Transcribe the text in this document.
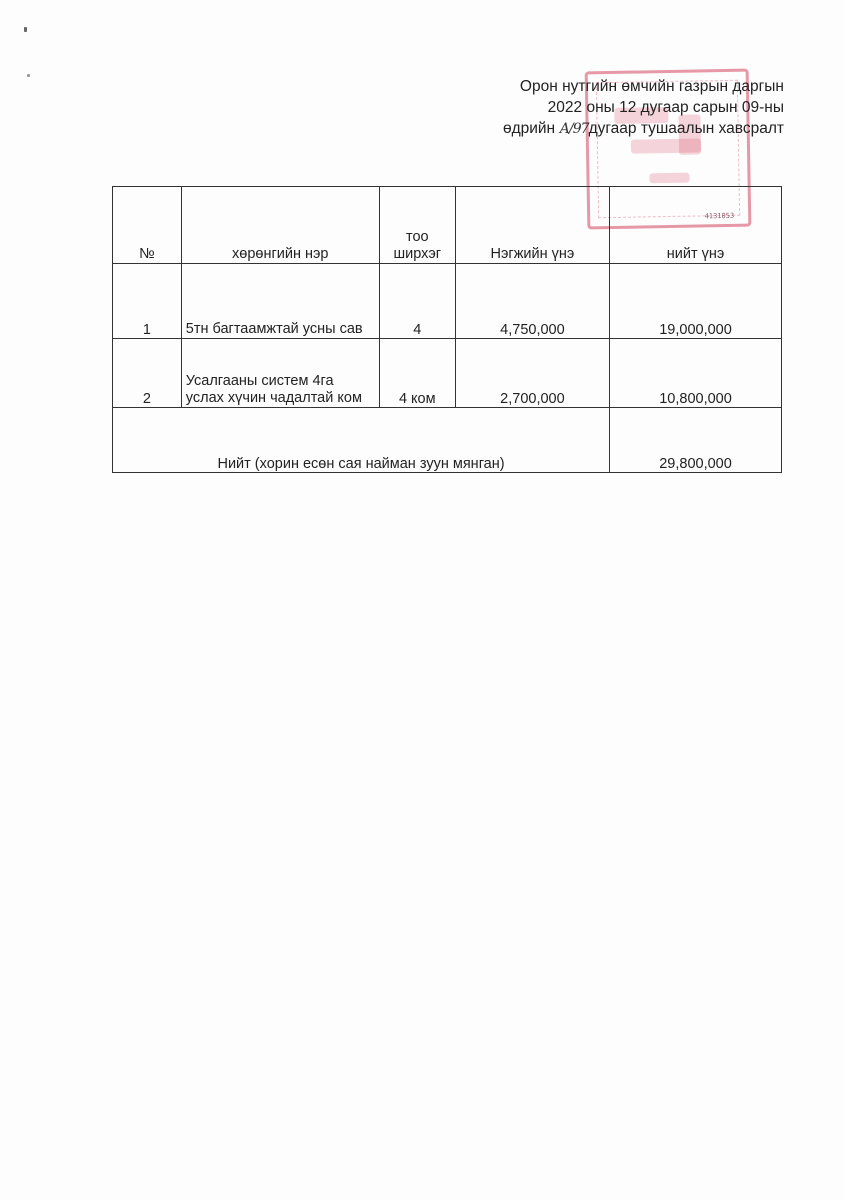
4131053
Орон нутгийн өмчийн газрын даргын
2022 оны 12 дугаар сарын 09-ны
өдрийн А/97дугаар тушаалын хавсралт
№	хөрөнгийн нэр	тоо ширхэг	Нэгжийн үнэ	нийт үнэ
1	5тн багтаамжтай усны сав	4	4,750,000	19,000,000
2	Усалгааны систем 4га услах хүчин чадалтай ком	4 ком	2,700,000	10,800,000
Нийт (хорин есөн сая найман зуун мянган)				29,800,000
